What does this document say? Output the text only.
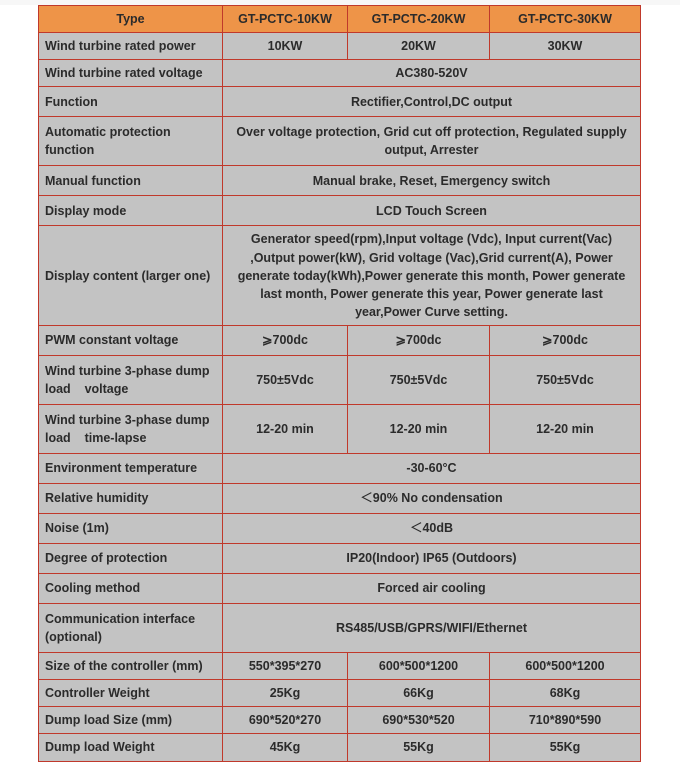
Type	GT-PCTC-10KW	GT-PCTC-20KW	GT-PCTC-30KW
Wind turbine rated power	10KW	20KW	30KW
Wind turbine rated voltage	AC380-520V		
Function	Rectifier,Control,DC output		
Automatic protection function	Over voltage protection, Grid cut off protection, Regulated supply output, Arrester		
Manual function	Manual brake, Reset, Emergency switch		
Display mode	LCD Touch Screen		
Display content (larger one)	Generator speed(rpm),Input voltage (Vdc), Input current(Vac) ,Output power(kW), Grid voltage (Vac),Grid current(A), Power generate today(kWh),Power generate this month, Power generate last month, Power generate this year, Power generate last year,Power Curve setting.		
PWM constant voltage	⩾700dc	⩾700dc	⩾700dc
Wind turbine 3-phase dump load    voltage	750±5Vdc	750±5Vdc	750±5Vdc
Wind turbine 3-phase dump load    time-lapse	12-20 min	12-20 min	12-20 min
Environment temperature	-30-60°C		
Relative humidity	＜90% No condensation		
Noise (1m)	＜40dB		
Degree of protection	IP20(Indoor) IP65 (Outdoors)		
Cooling method	Forced air cooling		
Communication interface (optional)	RS485/USB/GPRS/WIFI/Ethernet		
Size of the controller (mm)	550*395*270	600*500*1200	600*500*1200
Controller Weight	25Kg	66Kg	68Kg
Dump load Size (mm)	690*520*270	690*530*520	710*890*590
Dump load Weight	45Kg	55Kg	55Kg
